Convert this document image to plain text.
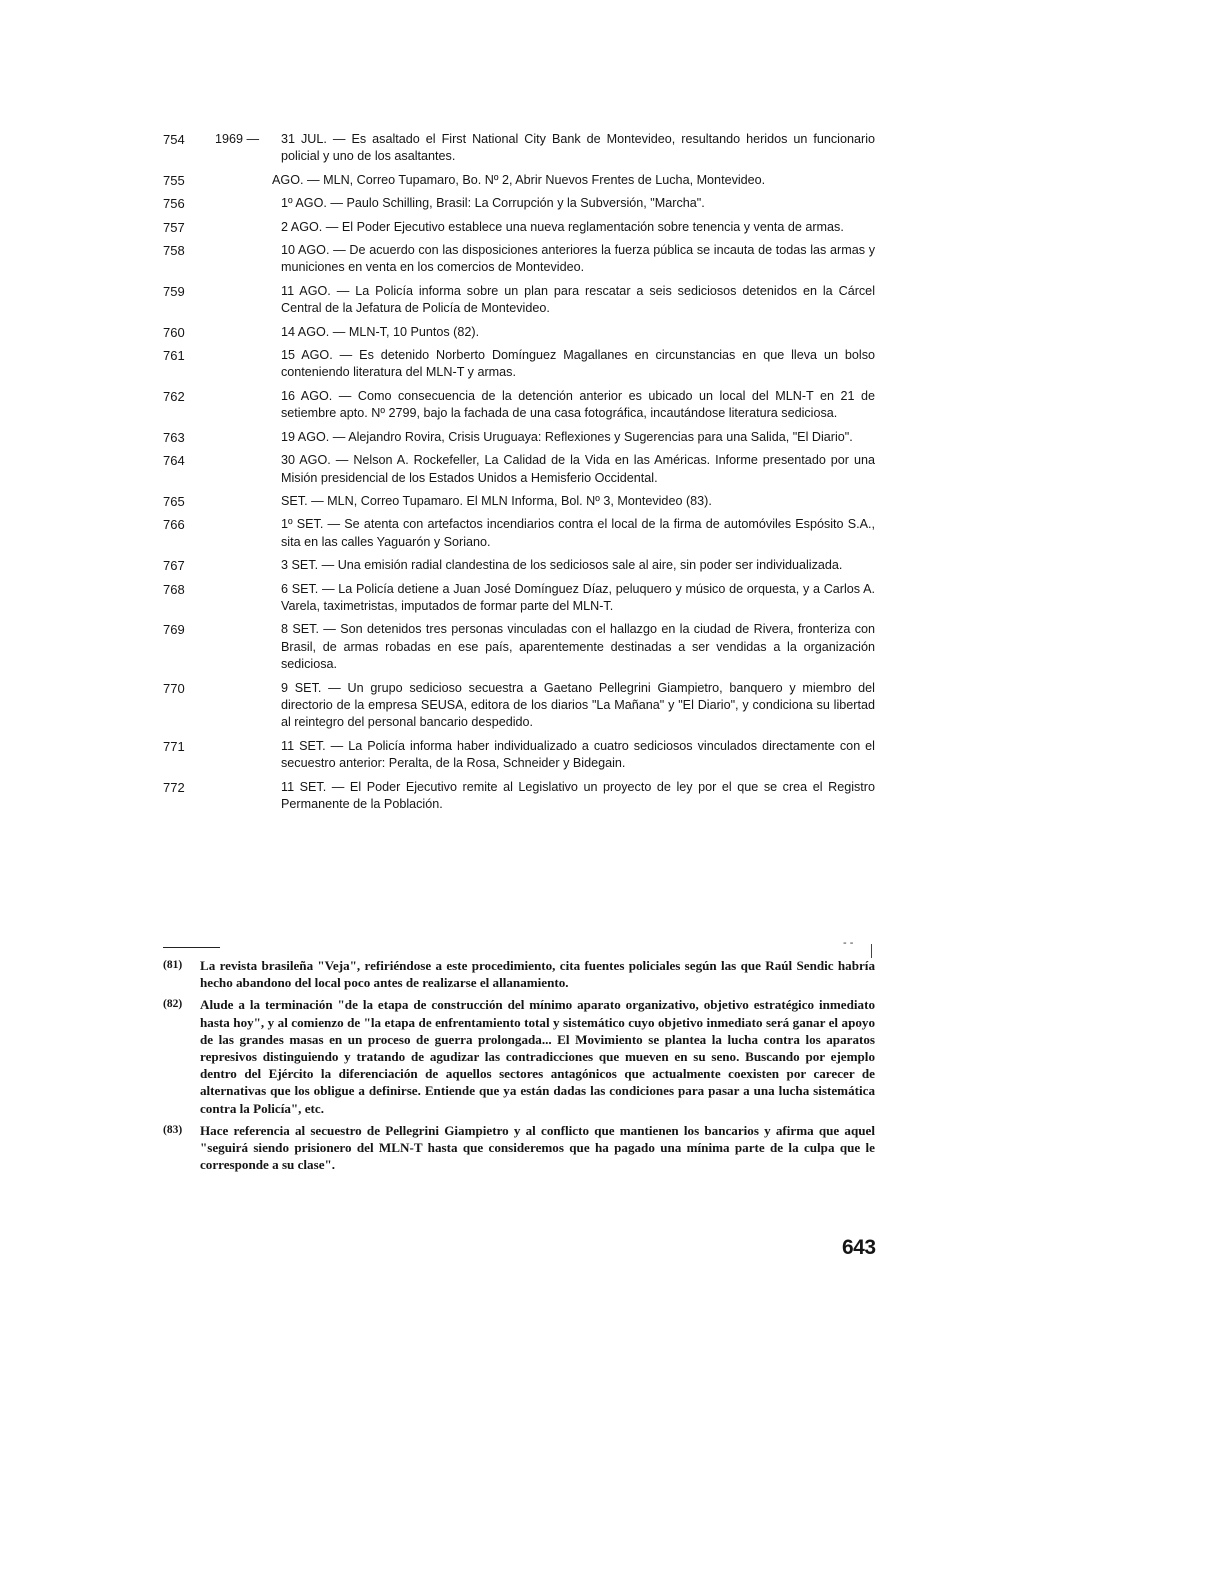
754	1969 —	31 JUL. — Es asaltado el First National City Bank de Montevideo, resultando heridos un funcionario policial y uno de los asaltantes.
755	AGO. — MLN, Correo Tupamaro, Bo. Nº 2, Abrir Nuevos Frentes de Lucha, Montevideo.
756	1º AGO. — Paulo Schilling, Brasil: La Corrupción y la Subversión, "Marcha".
757	2 AGO. — El Poder Ejecutivo establece una nueva reglamentación sobre tenencia y venta de armas.
758	10 AGO. — De acuerdo con las disposiciones anteriores la fuerza pública se incauta de todas las armas y municiones en venta en los comercios de Montevideo.
759	11 AGO. — La Policía informa sobre un plan para rescatar a seis sediciosos detenidos en la Cárcel Central de la Jefatura de Policía de Montevideo.
760	14 AGO. — MLN-T, 10 Puntos (82).
761	15 AGO. — Es detenido Norberto Domínguez Magallanes en circunstancias en que lleva un bolso conteniendo literatura del MLN-T y armas.
762	16 AGO. — Como consecuencia de la detención anterior es ubicado un local del MLN-T en 21 de setiembre apto. Nº 2799, bajo la fachada de una casa fotográfica, incautándose literatura sediciosa.
763	19 AGO. — Alejandro Rovira, Crisis Uruguaya: Reflexiones y Sugerencias para una Salida, "El Diario".
764	30 AGO. — Nelson A. Rockefeller, La Calidad de la Vida en las Américas. Informe presentado por una Misión presidencial de los Estados Unidos a Hemisferio Occidental.
765	SET. — MLN, Correo Tupamaro. El MLN Informa, Bol. Nº 3, Montevideo (83).
766	1º SET. — Se atenta con artefactos incendiarios contra el local de la firma de automóviles Espósito S.A., sita en las calles Yaguarón y Soriano.
767	3 SET. — Una emisión radial clandestina de los sediciosos sale al aire, sin poder ser individualizada.
768	6 SET. — La Policía detiene a Juan José Domínguez Díaz, peluquero y músico de orquesta, y a Carlos A. Varela, taximetristas, imputados de formar parte del MLN-T.
769	8 SET. — Son detenidos tres personas vinculadas con el hallazgo en la ciudad de Rivera, fronteriza con Brasil, de armas robadas en ese país, aparentemente destinadas a ser vendidas a la organización sediciosa.
770	9 SET. — Un grupo sedicioso secuestra a Gaetano Pellegrini Giampietro, banquero y miembro del directorio de la empresa SEUSA, editora de los diarios "La Mañana" y "El Diario", y condiciona su libertad al reintegro del personal bancario despedido.
771	11 SET. — La Policía informa haber individualizado a cuatro sediciosos vinculados directamente con el secuestro anterior: Peralta, de la Rosa, Schneider y Bidegain.
772	11 SET. — El Poder Ejecutivo remite al Legislativo un proyecto de ley por el que se crea el Registro Permanente de la Población.
- -
(81)	La revista brasileña "Veja", refiriéndose a este procedimiento, cita fuentes policiales según las que Raúl Sendic habría hecho abandono del local poco antes de realizarse el allanamiento.
(82)	Alude a la terminación "de la etapa de construcción del mínimo aparato organizativo, objetivo estratégico inmediato hasta hoy", y al comienzo de "la etapa de enfrentamiento total y sistemático cuyo objetivo inmediato será ganar el apoyo de las grandes masas en un proceso de guerra prolongada... El Movimiento se plantea la lucha contra los aparatos represivos distinguiendo y tratando de agudizar las contradicciones que mueven en su seno. Buscando por ejemplo dentro del Ejército la diferenciación de aquellos sectores antagónicos que actualmente coexisten por carecer de alternativas que los obligue a definirse. Entiende que ya están dadas las condiciones para pasar a una lucha sistemática contra la Policía", etc.
(83)	Hace referencia al secuestro de Pellegrini Giampietro y al conflicto que mantienen los bancarios y afirma que aquel "seguirá siendo prisionero del MLN-T hasta que consideremos que ha pagado una mínima parte de la culpa que le corresponde a su clase".
643
